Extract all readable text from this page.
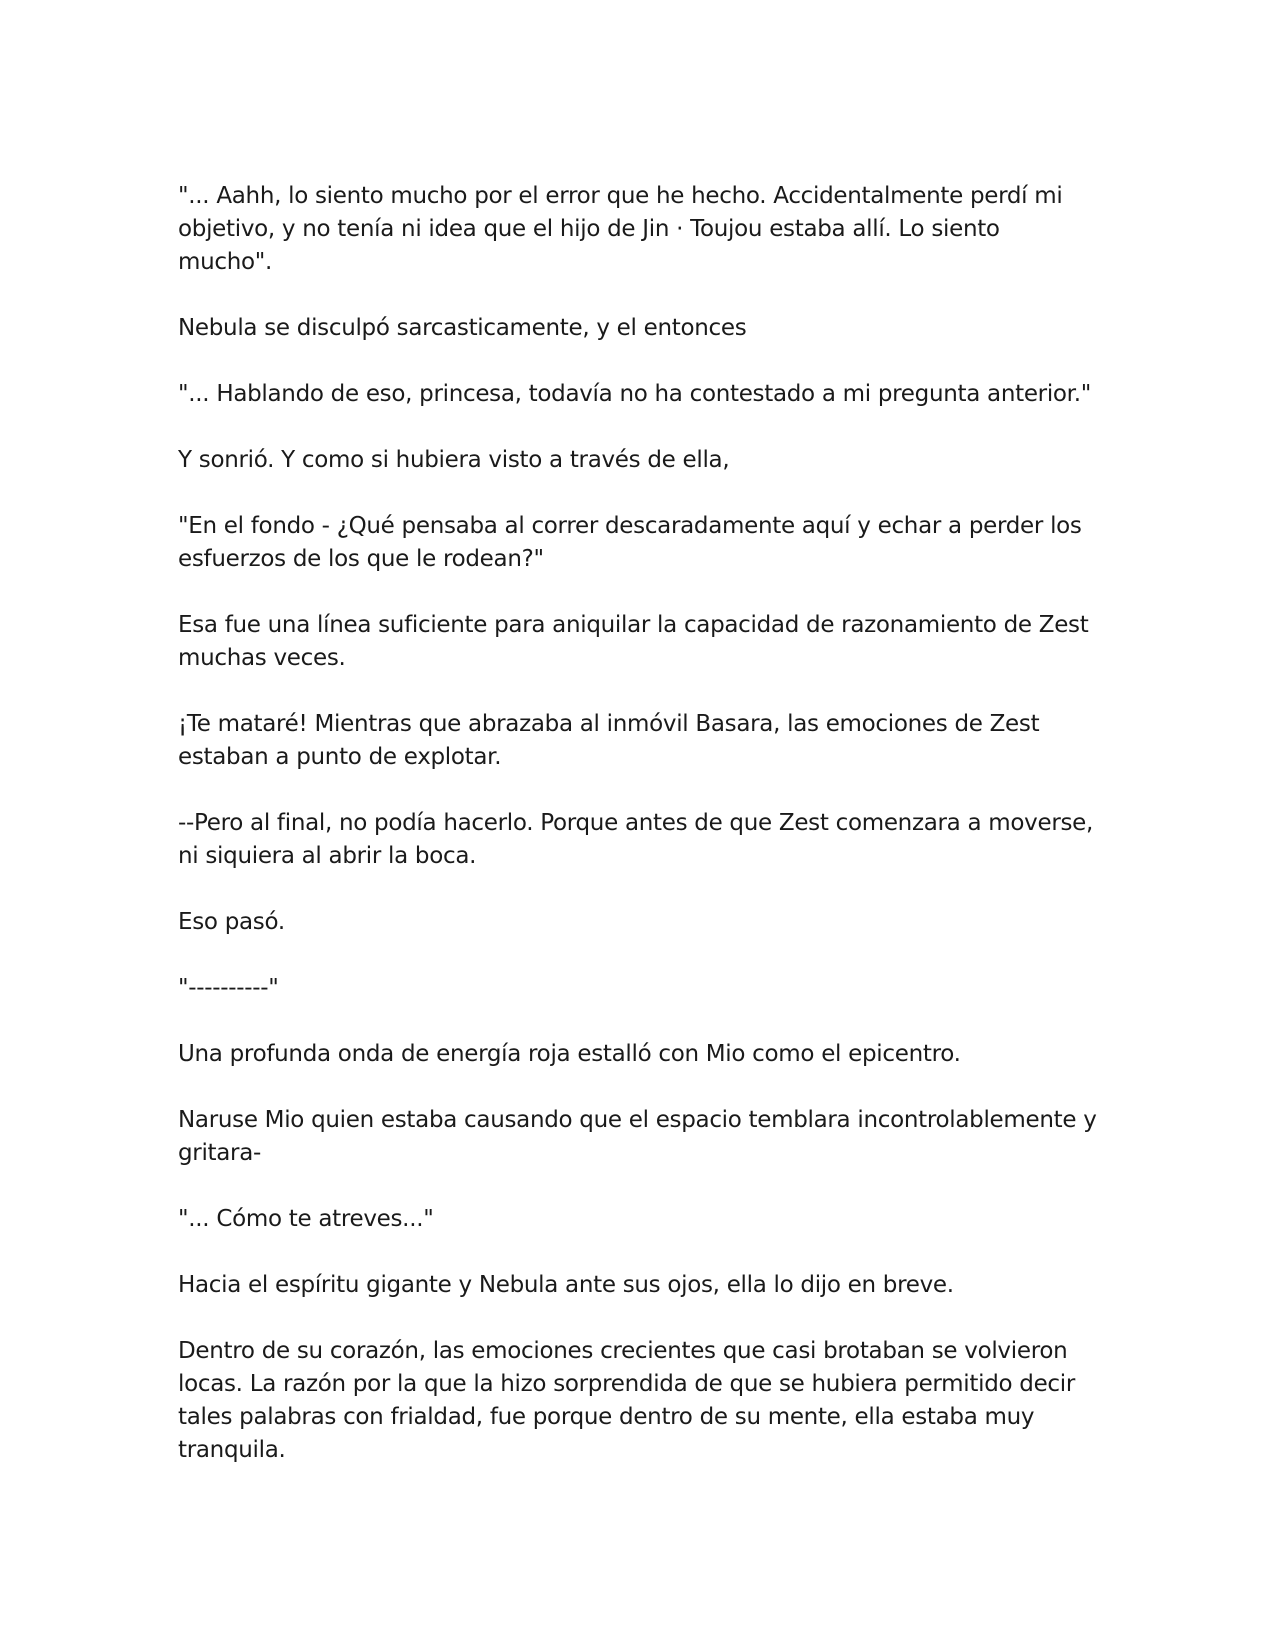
"... Aahh, lo siento mucho por el error que he hecho. Accidentalmente perdí mi objetivo, y no tenía ni idea que el hijo de Jin · Toujou estaba allí. Lo siento mucho".

Nebula se disculpó sarcasticamente, y el entonces

"... Hablando de eso, princesa, todavía no ha contestado a mi pregunta anterior."

Y sonrió. Y como si hubiera visto a través de ella,

"En el fondo - ¿Qué pensaba al correr descaradamente aquí y echar a perder los esfuerzos de los que le rodean?"

Esa fue una línea suficiente para aniquilar la capacidad de razonamiento de Zest muchas veces.

¡Te mataré! Mientras que abrazaba al inmóvil Basara, las emociones de Zest estaban a punto de explotar.

--Pero al final, no podía hacerlo. Porque antes de que Zest comenzara a moverse, ni siquiera al abrir la boca.

Eso pasó.

"----------"

Una profunda onda de energía roja estalló con Mio como el epicentro.

Naruse Mio quien estaba causando que el espacio temblara incontrolablemente y gritara-

"... Cómo te atreves..."

Hacia el espíritu gigante y Nebula ante sus ojos, ella lo dijo en breve.

Dentro de su corazón, las emociones crecientes que casi brotaban se volvieron locas. La razón por la que la hizo sorprendida de que se hubiera permitido decir tales palabras con frialdad, fue porque dentro de su mente, ella estaba muy tranquila.
